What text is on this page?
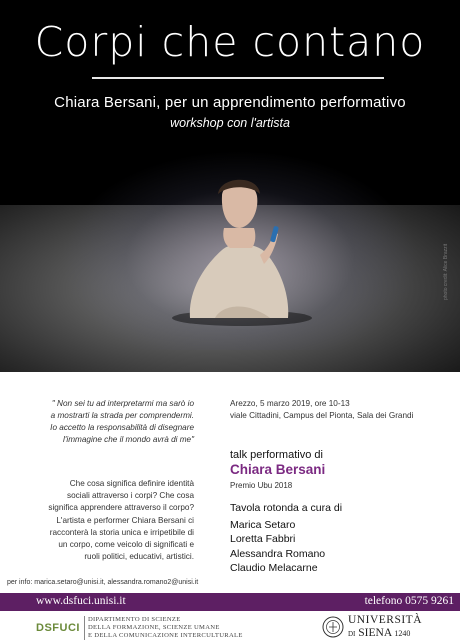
Corpi che contano
Chiara Bersani, per un apprendimento performativo
workshop con l'artista
photo credit: Alice Brazzit
" Non sei tu ad interpretarmi ma sarò io
a mostrarti la strada per comprendermi.
Io accetto la responsabilità di disegnare
l'immagine che il mondo avrà di me"
Che cosa significa definire identità
sociali attraverso i corpi? Che cosa
significa apprendere attraverso il corpo?
L'artista e performer Chiara Bersani ci
racconterà la storia unica e irripetibile di
un corpo, come veicolo di significati e
ruoli politici, educativi, artistici.
per info: marica.setaro@unisi.it, alessandra.romano2@unisi.it
Arezzo, 5 marzo 2019, ore 10-13
viale Cittadini, Campus del Pionta, Sala dei Grandi
talk performativo di
Chiara Bersani
Premio Ubu 2018
Tavola rotonda a cura di
Marica Setaro
Loretta Fabbri
Alessandra Romano
Claudio Melacarne
www.dsfuci.unisi.it	telefono 0575 9261
DSFUCI
DIPARTIMENTO DI SCIENZE
DELLA FORMAZIONE, SCIENZE UMANE
E DELLA COMUNICAZIONE INTERCULTURALE
UNIVERSITÀ
DI SIENA 1240
